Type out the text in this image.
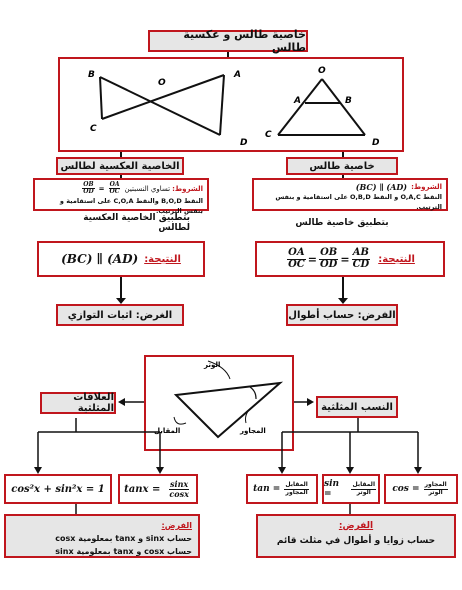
خاصية طالس و عكسية طالس
B
O
A
C
D
O
A	B
C
D
الخاصية العكسية لطالس
الشروط:
تساوي النسبتين
$\frac{OA}{OC}$
=
$\frac{OB}{OD}$
النقط B,O,D والنقط C,O,A على استقامية و بنفس الترتيب.
بتطبيق الخاصية العكسية لطالس
النتيجة:
(BC) ∥ (AD)
الغرض: اثبات التوازي
خاصية طالس
الشروط:
(BC) ∥ (AD)
النقط O,A,C و النقط O,B,D على استقامية و بنفس الترتيب.
بتطبيق خاصية طالس
النتيجة:
$\frac{OA}{OC} = \frac{OB}{OD} = \frac{AB}{CD}$
الفرض: حساب أطوال
الوتر
المقابل	المجاور
العلاقات المثلثية	النسب المثلثية
cos²x + sin²x = 1 $\tan x = \frac{\sin x}{\cos x}$	$\tan = \frac{\text{المقابل}}{\text{المجاور}}$ sin =	$\frac{\text{المقابل}}{\text{الوتر}}$ $\cos = \frac{\text{المجاور}}{\text{الوتر}}$
الفرض:
حساب sinx و tanx بمعلومية cosx
حساب cosx و tanx بمعلومية sinx
الفرض:
حساب زوايا و أطوال في مثلث قائم
